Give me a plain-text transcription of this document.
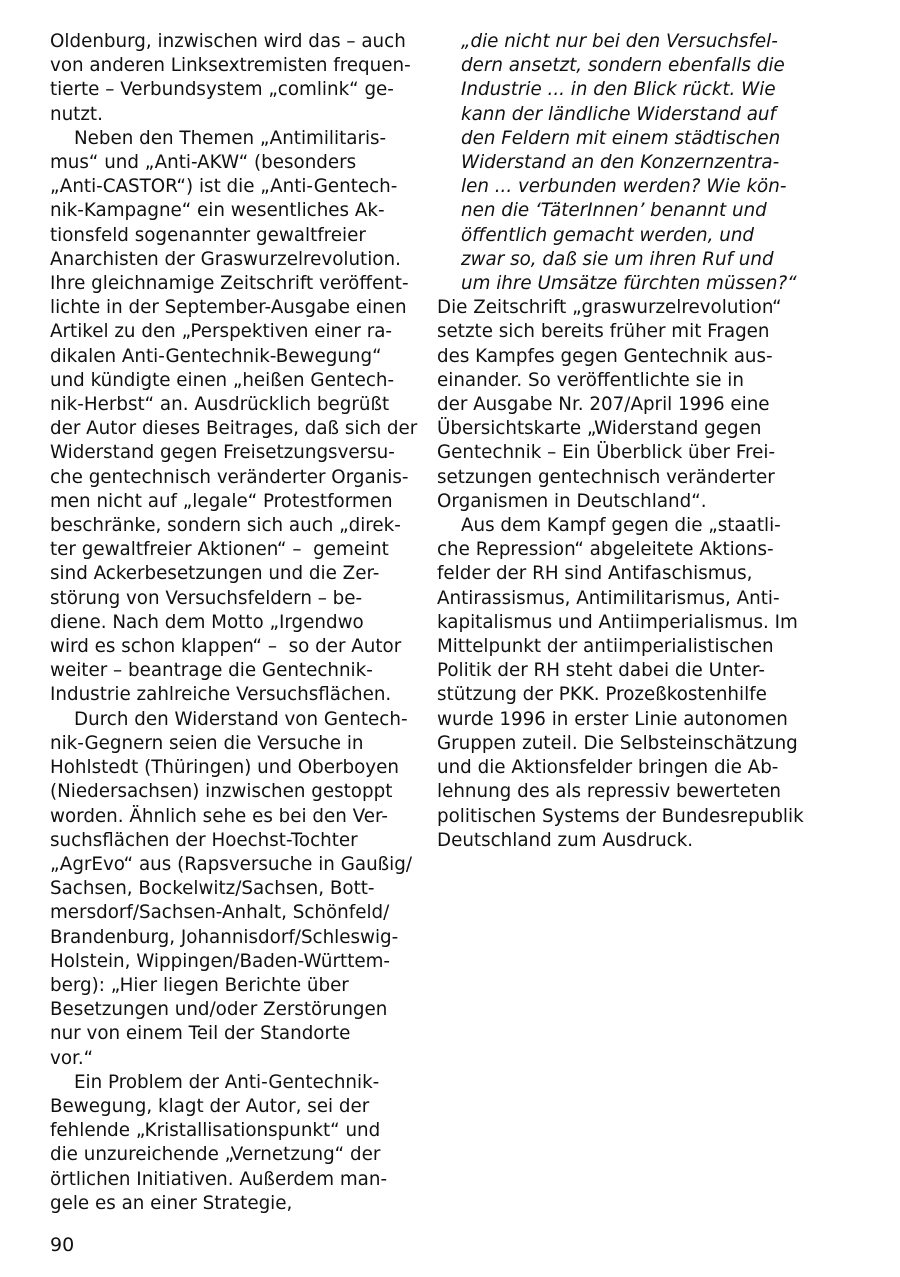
Oldenburg, inzwischen wird das – auch
von anderen Linksextremisten frequen-
tierte – Verbundsystem „comlink“ ge-
nutzt.
Neben den Themen „Antimilitaris-
mus“ und „Anti-AKW“ (besonders
„Anti-CASTOR“) ist die „Anti-Gentech-
nik-Kampagne“ ein wesentliches Ak-
tionsfeld sogenannter gewaltfreier
Anarchisten der Graswurzelrevolution.
Ihre gleichnamige Zeitschrift veröffent-
lichte in der September-Ausgabe einen
Artikel zu den „Perspektiven einer ra-
dikalen Anti-Gentechnik-Bewegung“
und kündigte einen „heißen Gentech-
nik-Herbst“ an. Ausdrücklich begrüßt
der Autor dieses Beitrages, daß sich der
Widerstand gegen Freisetzungsversu-
che gentechnisch veränderter Organis-
men nicht auf „legale“ Protestformen
beschränke, sondern sich auch „direk-
ter gewaltfreier Aktionen“ –  gemeint
sind Ackerbesetzungen und die Zer-
störung von Versuchsfeldern – be-
diene. Nach dem Motto „Irgendwo
wird es schon klappen“ –  so der Autor
weiter – beantrage die Gentechnik-
Industrie zahlreiche Versuchsflächen.
Durch den Widerstand von Gentech-
nik-Gegnern seien die Versuche in
Hohlstedt (Thüringen) und Oberboyen
(Niedersachsen) inzwischen gestoppt
worden. Ähnlich sehe es bei den Ver-
suchsflächen der Hoechst-Tochter
„AgrEvo“ aus (Rapsversuche in Gaußig/
Sachsen, Bockelwitz/Sachsen, Bott-
mersdorf/Sachsen-Anhalt, Schönfeld/
Brandenburg, Johannisdorf/Schleswig-
Holstein, Wippingen/Baden-Württem-
berg): „Hier liegen Berichte über
Besetzungen und/oder Zerstörungen
nur von einem Teil der Standorte
vor.“
Ein Problem der Anti-Gentechnik-
Bewegung, klagt der Autor, sei der
fehlende „Kristallisationspunkt“ und
die unzureichende „Vernetzung“ der
örtlichen Initiativen. Außerdem man-
gele es an einer Strategie,
„die nicht nur bei den Versuchsfel-
dern ansetzt, sondern ebenfalls die
Industrie ... in den Blick rückt. Wie
kann der ländliche Widerstand auf
den Feldern mit einem städtischen
Widerstand an den Konzernzentra-
len ... verbunden werden? Wie kön-
nen die ‘TäterInnen’ benannt und
öffentlich gemacht werden, und
zwar so, daß sie um ihren Ruf und
um ihre Umsätze fürchten müssen?“
Die Zeitschrift „graswurzelrevolution“
setzte sich bereits früher mit Fragen
des Kampfes gegen Gentechnik aus-
einander. So veröffentlichte sie in
der Ausgabe Nr. 207/April 1996 eine
Übersichtskarte „Widerstand gegen
Gentechnik – Ein Überblick über Frei-
setzungen gentechnisch veränderter
Organismen in Deutschland“.
Aus dem Kampf gegen die „staatli-
che Repression“ abgeleitete Aktions-
felder der RH sind Antifaschismus,
Antirassismus, Antimilitarismus, Anti-
kapitalismus und Antiimperialismus. Im
Mittelpunkt der antiimperialistischen
Politik der RH steht dabei die Unter-
stützung der PKK. Prozeßkostenhilfe
wurde 1996 in erster Linie autonomen
Gruppen zuteil. Die Selbsteinschätzung
und die Aktionsfelder bringen die Ab-
lehnung des als repressiv bewerteten
politischen Systems der Bundesrepublik
Deutschland zum Ausdruck.
90
